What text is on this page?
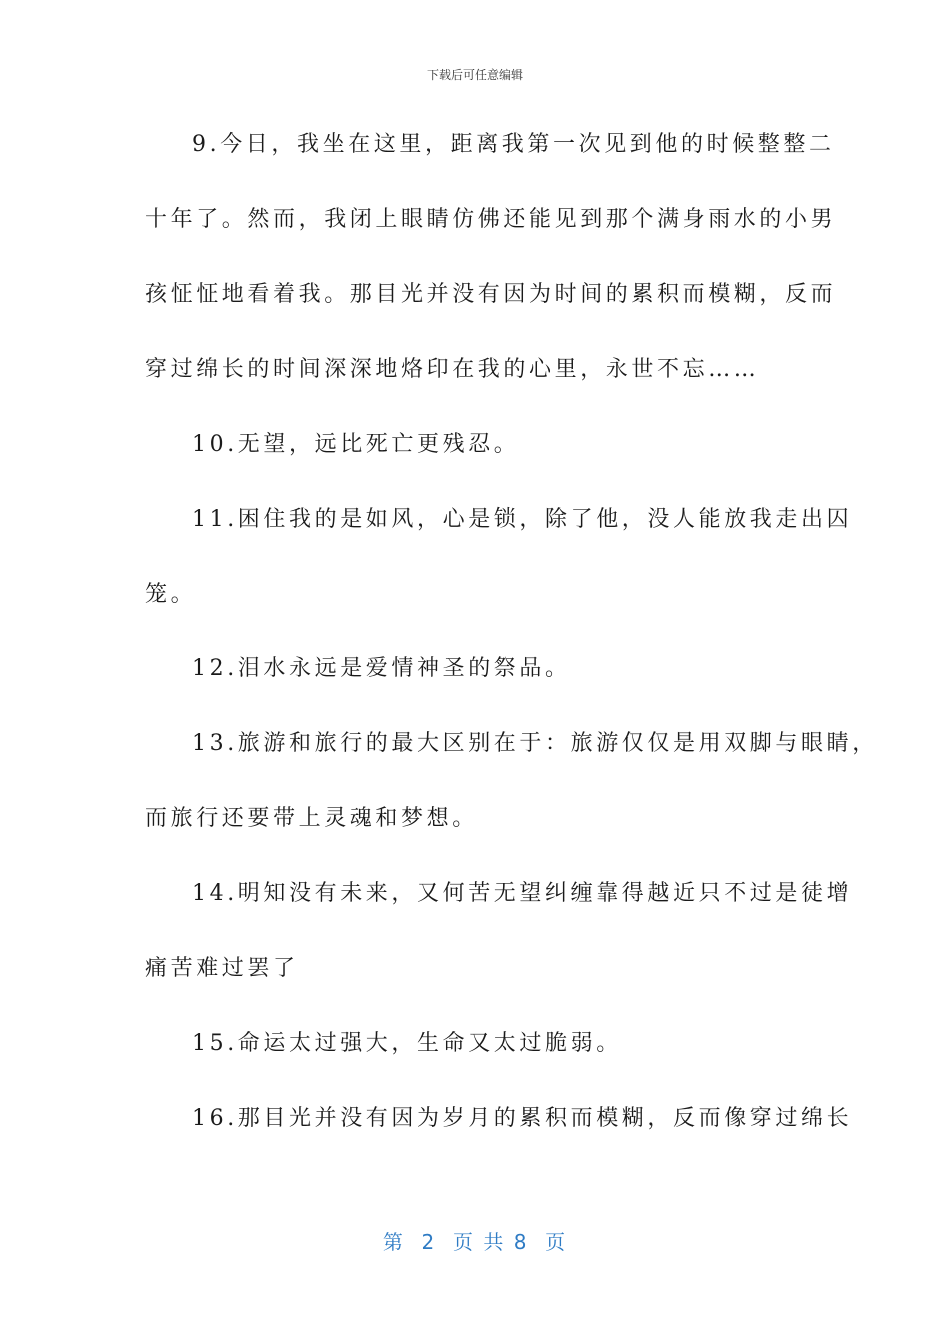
下载后可任意编辑
9.今日，我坐在这里，距离我第一次见到他的时候整整二
十年了。然而，我闭上眼睛仿佛还能见到那个满身雨水的小男
孩怔怔地看着我。那目光并没有因为时间的累积而模糊，反而
穿过绵长的时间深深地烙印在我的心里，永世不忘……
10.无望，远比死亡更残忍。
11.困住我的是如风，心是锁，除了他，没人能放我走出囚
笼。
12.泪水永远是爱情神圣的祭品。
13.旅游和旅行的最大区别在于：旅游仅仅是用双脚与眼睛，
而旅行还要带上灵魂和梦想。
14.明知没有未来，又何苦无望纠缠靠得越近只不过是徒增
痛苦难过罢了
15.命运太过强大，生命又太过脆弱。
16.那目光并没有因为岁月的累积而模糊，反而像穿过绵长
第  2  页 共 8  页
